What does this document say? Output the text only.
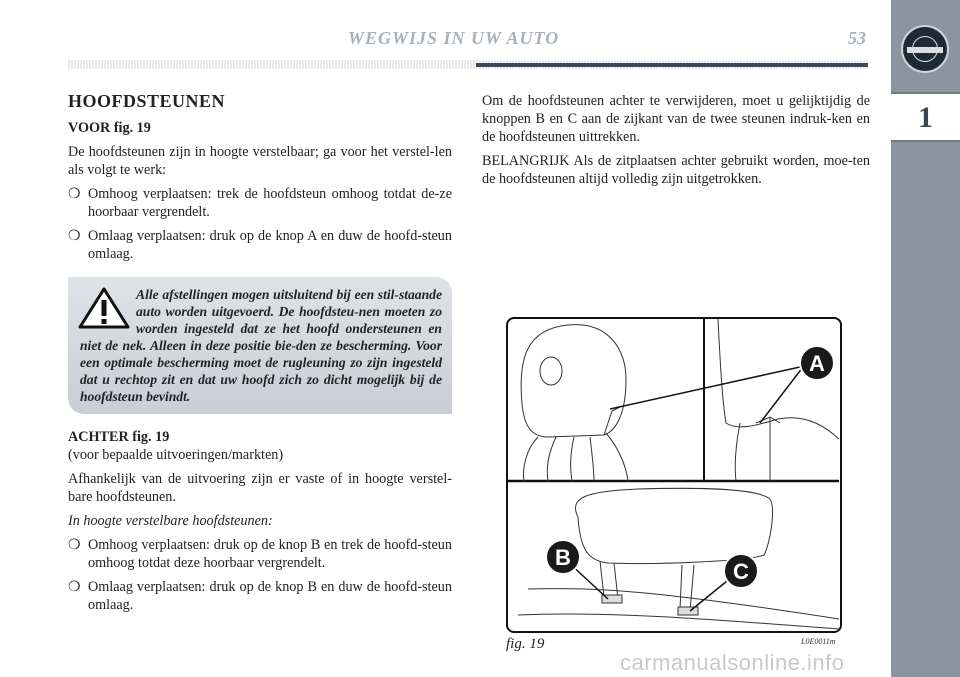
WEGWIJS IN UW AUTO	53
1
HOOFDSTEUNEN
VOOR fig. 19

De hoofdsteunen zijn in hoogte verstelbaar; ga voor het verstel-len als volgt te werk:

❍ Omhoog verplaatsen: trek de hoofdsteun omhoog totdat de-ze hoorbaar vergrendelt.
❍ Omlaag verplaatsen: druk op de knop A en duw de hoofd-steun omlaag.
Alle afstellingen mogen uitsluitend bij een stil-staande auto worden uitgevoerd. De hoofdsteu-nen moeten zo worden ingesteld dat ze het hoofd ondersteunen en niet de nek. Alleen in deze positie bie-den ze bescherming. Voor een optimale bescherming moet de rugleuning zo zijn ingesteld dat u rechtop zit en dat uw hoofd zich zo dicht mogelijk bij de hoofdsteun bevindt.
ACHTER fig. 19

(voor bepaalde uitvoeringen/markten)

Afhankelijk van de uitvoering zijn er vaste of in hoogte verstel-bare hoofdsteunen.

In hoogte verstelbare hoofdsteunen:

❍ Omhoog verplaatsen: druk op de knop B en trek de hoofd-steun omhoog totdat deze hoorbaar vergrendelt.
❍ Omlaag verplaatsen: druk op de knop B en duw de hoofd-steun omlaag.

Om de hoofdsteunen achter te verwijderen, moet u gelijktijdig de knoppen B en C aan de zijkant van de twee steunen indruk-ken en de hoofdsteunen uittrekken.

BELANGRIJK Als de zitplaatsen achter gebruikt worden, moe-ten de hoofdsteunen altijd volledig zijn uitgetrokken.

A
B
C
fig. 19	L0E0011m
carmanualsonline.info
